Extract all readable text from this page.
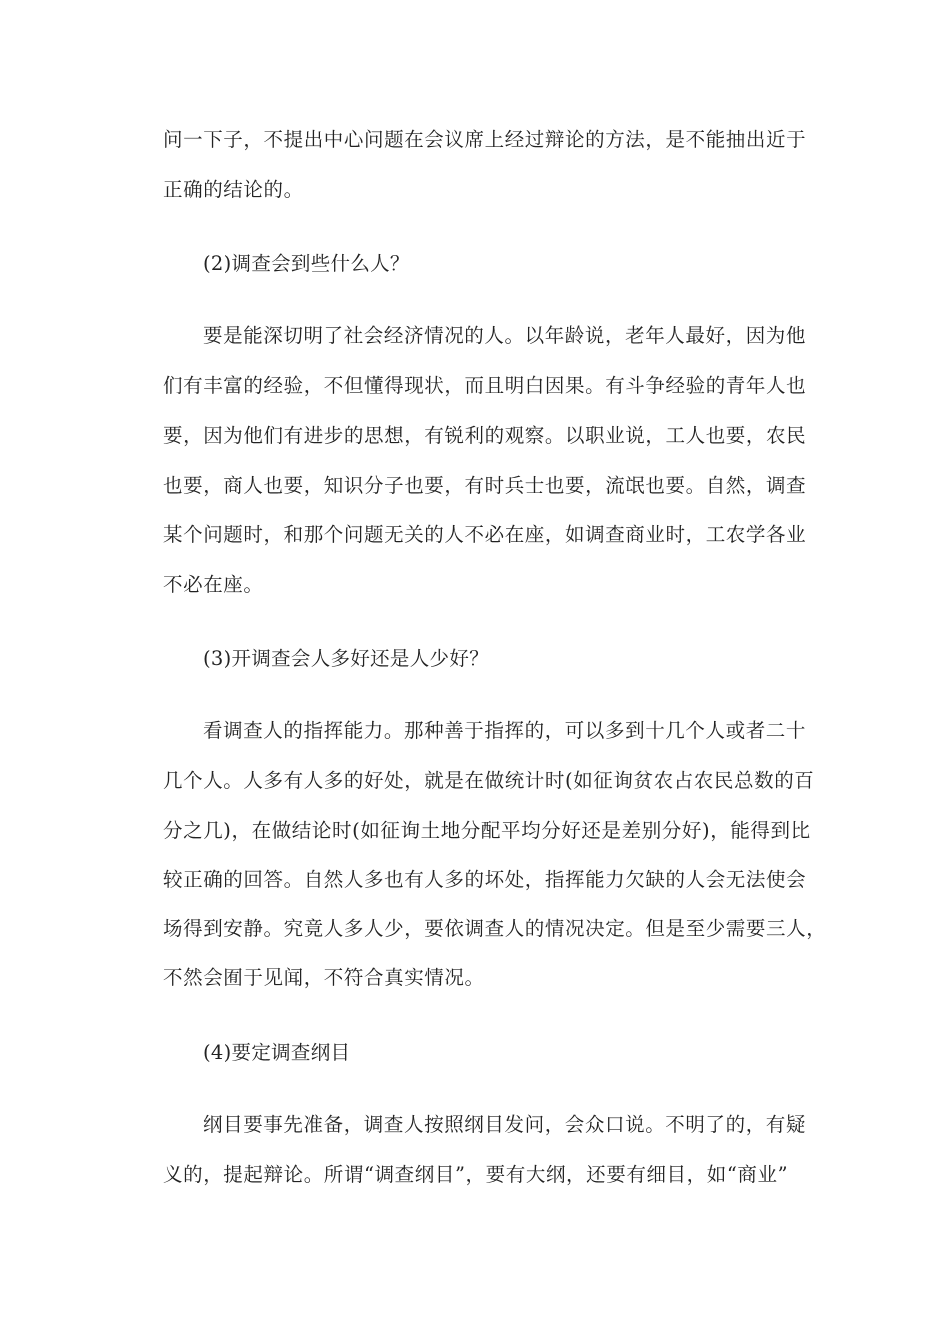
问一下子，不提出中心问题在会议席上经过辩论的方法，是不能抽出近于
正确的结论的。
(2)调查会到些什么人？
要是能深切明了社会经济情况的人。以年龄说，老年人最好，因为他
们有丰富的经验，不但懂得现状，而且明白因果。有斗争经验的青年人也
要，因为他们有进步的思想，有锐利的观察。以职业说，工人也要，农民
也要，商人也要，知识分子也要，有时兵士也要，流氓也要。自然，调查
某个问题时，和那个问题无关的人不必在座，如调查商业时，工农学各业
不必在座。
(3)开调查会人多好还是人少好？
看调查人的指挥能力。那种善于指挥的，可以多到十几个人或者二十
几个人。人多有人多的好处，就是在做统计时(如征询贫农占农民总数的百
分之几)，在做结论时(如征询土地分配平均分好还是差别分好)，能得到比
较正确的回答。自然人多也有人多的坏处，指挥能力欠缺的人会无法使会
场得到安静。究竟人多人少，要依调查人的情况决定。但是至少需要三人，
不然会囿于见闻，不符合真实情况。
(4)要定调查纲目
纲目要事先准备，调查人按照纲目发问，会众口说。不明了的，有疑
义的，提起辩论。所谓“调查纲目”，要有大纲，还要有细目，如“商业”
